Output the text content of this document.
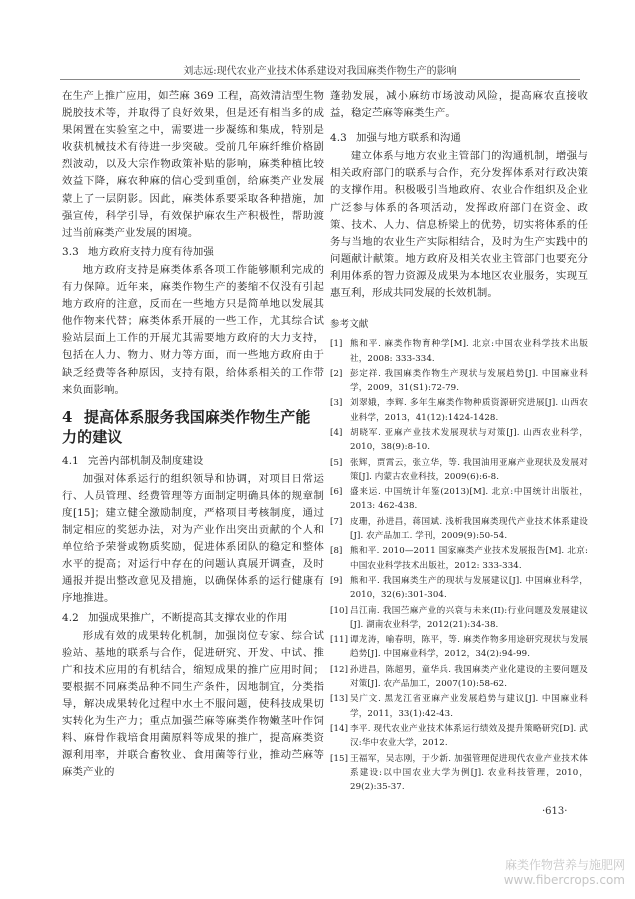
刘志远:现代农业产业技术体系建设对我国麻类作物生产的影响

在生产上推广应用，如苎麻 369 工程，高效清洁型生物脱胶技术等，并取得了良好效果，但是还有相当多的成果闲置在实验室之中，需要进一步凝练和集成，特别是收获机械技术有待进一步突破。受前几年麻纤维价格剧烈波动，以及大宗作物政策补贴的影响，麻类种植比较效益下降，麻农种麻的信心受到重创，给麻类产业发展蒙上了一层阴影。因此，麻类体系要采取各种措施，加强宣传，科学引导，有效保护麻农生产积极性，帮助渡过当前麻类产业发展的困境。

3.3 地方政府支持力度有待加强

地方政府支持是麻类体系各项工作能够顺利完成的有力保障。近年来，麻类作物生产的萎缩不仅没有引起地方政府的注意，反而在一些地方只是简单地以发展其他作物来代替；麻类体系开展的一些工作，尤其综合试验站层面上工作的开展尤其需要地方政府的大力支持，包括在人力、物力、财力等方面，而一些地方政府由于缺乏经费等各种原因，支持有限，给体系相关的工作带来负面影响。

4 提高体系服务我国麻类作物生产能力的建议
4.1 完善内部机制及制度建设

加强对体系运行的组织领导和协调，对项目日常运行、人员管理、经费管理等方面制定明确具体的规章制度[15]；建立健全激励制度，严格项目考核制度，通过制定相应的奖惩办法，对为产业作出突出贡献的个人和单位给予荣誉或物质奖励，促进体系团队的稳定和整体水平的提高；对运行中存在的问题认真展开调查，及时通报并提出整改意见及措施，以确保体系的运行健康有序地推进。

4.2 加强成果推广，不断提高其支撑农业的作用

形成有效的成果转化机制，加强岗位专家、综合试验站、基地的联系与合作，促进研究、开发、中试、推广和技术应用的有机结合，缩短成果的推广应用时间；要根据不同麻类品种不同生产条件，因地制宜，分类指导，解决成果转化过程中水土不服问题，使科技成果切实转化为生产力；重点加强苎麻等麻类作物嫩茎叶作饲料、麻骨作栽培食用菌原料等成果的推广，提高麻类资源利用率，并联合畜牧业、食用菌等行业，推动苎麻等麻类产业的

蓬勃发展，减小麻纺市场波动风险，提高麻农直接收益，稳定苎麻等麻类生产。

4.3 加强与地方联系和沟通

建立体系与地方农业主管部门的沟通机制，增强与相关政府部门的联系与合作，充分发挥体系对行政决策的支撑作用。积极吸引当地政府、农业合作组织及企业广泛参与体系的各项活动，发挥政府部门在资金、政策、技术、人力、信息桥梁上的优势，切实将体系的任务与当地的农业生产实际相结合，及时为生产实践中的问题献计献策。地方政府及相关农业主管部门也要充分利用体系的智力资源及成果为本地区农业服务，实现互惠互利，形成共同发展的长效机制。

参考文献
[1] 熊和平. 麻类作物育种学[M]. 北京:中国农业科学技术出版社，2008: 333-334.
[2] 彭定祥. 我国麻类作物生产现状与发展趋势[J]. 中国麻业科学，2009，31(S1):72-79.
[3] 刘翠娥，李辉. 多年生麻类作物种质资源研究进展[J]. 山西农业科学，2013，41(12):1424-1428.
[4] 胡晓军. 亚麻产业技术发展现状与对策[J]. 山西农业科学，2010，38(9):8-10.
[5] 张辉，贾霄云，张立华，等. 我国油用亚麻产业现状及发展对策[J]. 内蒙古农业科技，2009(6):6-8.
[6] 盛来运. 中国统计年鉴(2013)[M]. 北京:中国统计出版社，2013: 462-438.
[7] 皮珊，孙进昌，蒋国斌. 浅析我国麻类现代产业技术体系建设[J]. 农产品加工. 学刊，2009(9):50-54.
[8] 熊和平. 2010—2011 国家麻类产业技术发展报告[M]. 北京:中国农业科学技术出版社，2012: 333-334.
[9] 熊和平. 我国麻类生产的现状与发展建议[J]. 中国麻业科学，2010，32(6):301-304.
[10] 吕江南. 我国苎麻产业的兴衰与未来(II):行业问题及发展建议[J]. 湖南农业科学，2012(21):34-38.
[11] 谭龙涛，喻春明，陈平，等. 麻类作物多用途研究现状与发展趋势[J]. 中国麻业科学，2012，34(2):94-99.
[12] 孙进昌，陈超男，童华兵. 我国麻类产业化建设的主要问题及对策[J]. 农产品加工，2007(10):58-62.
[13] 吴广文. 黑龙江省亚麻产业发展趋势与建议[J]. 中国麻业科学，2011，33(1):42-43.
[14] 李平. 现代农业产业技术体系运行绩效及提升策略研究[D]. 武汉:华中农业大学，2012.
[15] 王福军，吴志刚，于少新. 加强管理促进现代农业产业技术体系建设:以中国农业大学为例[J]. 农业科技管理，2010，29(2):35-37.
·613·
麻类作物营养与施肥网
www.fibercrops.com
